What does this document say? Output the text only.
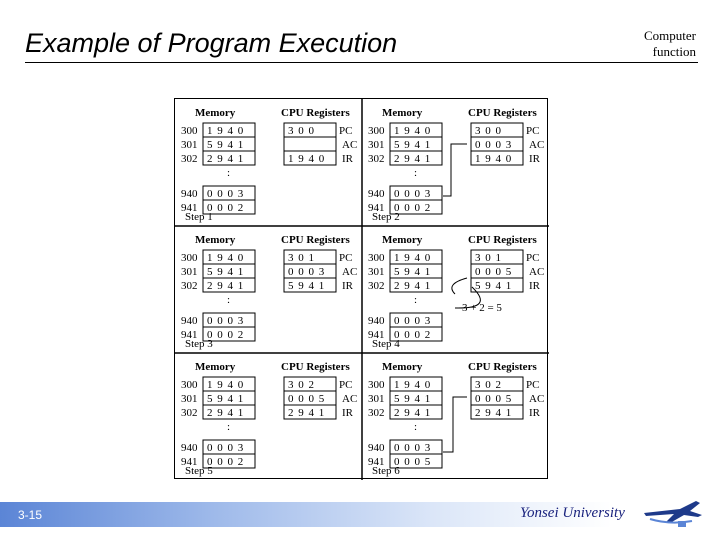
Example of Program Execution	Computer
function
Memory	CPU Registers
300 1 9 4 0
301 5 9 4 1
302 2 9 4 1
940 0 0 0 3
941 0 0 0 2
:
3 0 0 PC
AC
1 9 4 0 IR
Step 1
Memory	CPU Registers
300 1 9 4 0
301 5 9 4 1
302 2 9 4 1
940 0 0 0 3
941 0 0 0 2
:
3 0 0 PC
0 0 0 3 AC
1 9 4 0 IR
Step 2
Memory	CPU Registers
300 1 9 4 0
301 5 9 4 1
302 2 9 4 1
940 0 0 0 3
941 0 0 0 2
:
3 0 1 PC
0 0 0 3 AC
5 9 4 1 IR
Step 3
Memory	CPU Registers
300 1 9 4 0
301 5 9 4 1
302 2 9 4 1
940 0 0 0 3
941 0 0 0 2
:
3 0 1 PC
0 0 0 5 AC
5 9 4 1 IR
Step 4
3 + 2 = 5
Memory	CPU Registers
300 1 9 4 0
301 5 9 4 1
302 2 9 4 1
940 0 0 0 3
941 0 0 0 2
:
3 0 2 PC
0 0 0 5 AC
2 9 4 1 IR
Step 5
Memory	CPU Registers
300 1 9 4 0
301 5 9 4 1
302 2 9 4 1
940 0 0 0 3
941 0 0 0 5
:
3 0 2 PC
0 0 0 5 AC
2 9 4 1 IR
Step 6
3-15	Yonsei University
